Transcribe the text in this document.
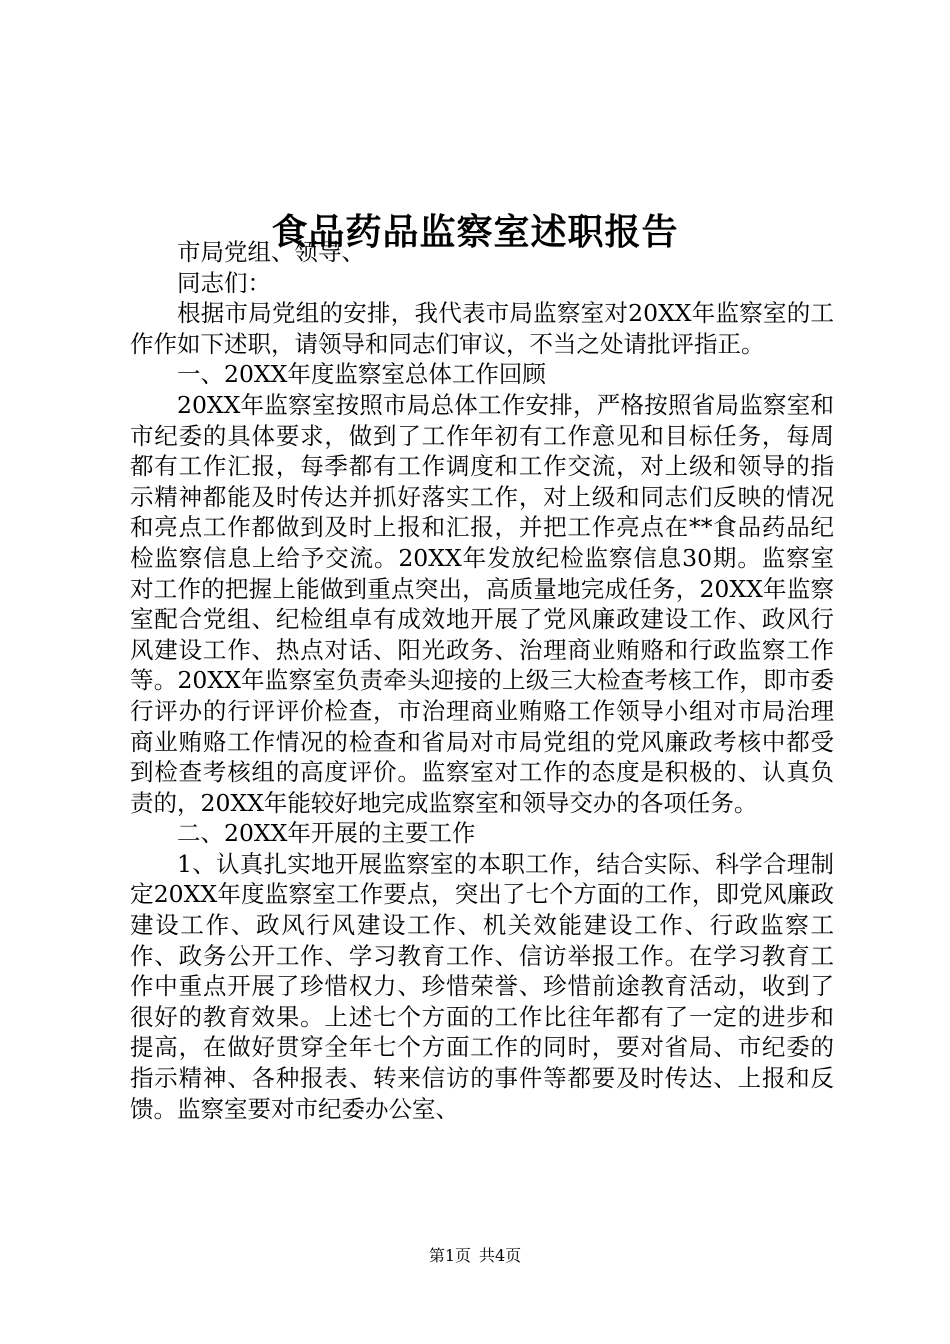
食品药品监察室述职报告

市局党组、领导、

同志们：

根据市局党组的安排，我代表市局监察室对20XX年监察室的工作作如下述职，请领导和同志们审议，不当之处请批评指正。

一、20XX年度监察室总体工作回顾

20XX年监察室按照市局总体工作安排，严格按照省局监察室和市纪委的具体要求，做到了工作年初有工作意见和目标任务，每周都有工作汇报，每季都有工作调度和工作交流，对上级和领导的指示精神都能及时传达并抓好落实工作，对上级和同志们反映的情况和亮点工作都做到及时上报和汇报，并把工作亮点在**食品药品纪检监察信息上给予交流。20XX年发放纪检监察信息30期。监察室对工作的把握上能做到重点突出，高质量地完成任务，20XX年监察室配合党组、纪检组卓有成效地开展了党风廉政建设工作、政风行风建设工作、热点对话、阳光政务、治理商业贿赂和行政监察工作等。20XX年监察室负责牵头迎接的上级三大检查考核工作，即市委行评办的行评评价检查，市治理商业贿赂工作领导小组对市局治理商业贿赂工作情况的检查和省局对市局党组的党风廉政考核中都受到检查考核组的高度评价。监察室对工作的态度是积极的、认真负责的，20XX年能较好地完成监察室和领导交办的各项任务。

二、20XX年开展的主要工作

1、认真扎实地开展监察室的本职工作，结合实际、科学合理制定20XX年度监察室工作要点，突出了七个方面的工作，即党风廉政建设工作、政风行风建设工作、机关效能建设工作、行政监察工作、政务公开工作、学习教育工作、信访举报工作。在学习教育工作中重点开展了珍惜权力、珍惜荣誉、珍惜前途教育活动，收到了很好的教育效果。上述七个方面的工作比往年都有了一定的进步和提高，在做好贯穿全年七个方面工作的同时，要对省局、市纪委的指示精神、各种报表、转来信访的事件等都要及时传达、上报和反馈。监察室要对市纪委办公室、

第1页 共4页
